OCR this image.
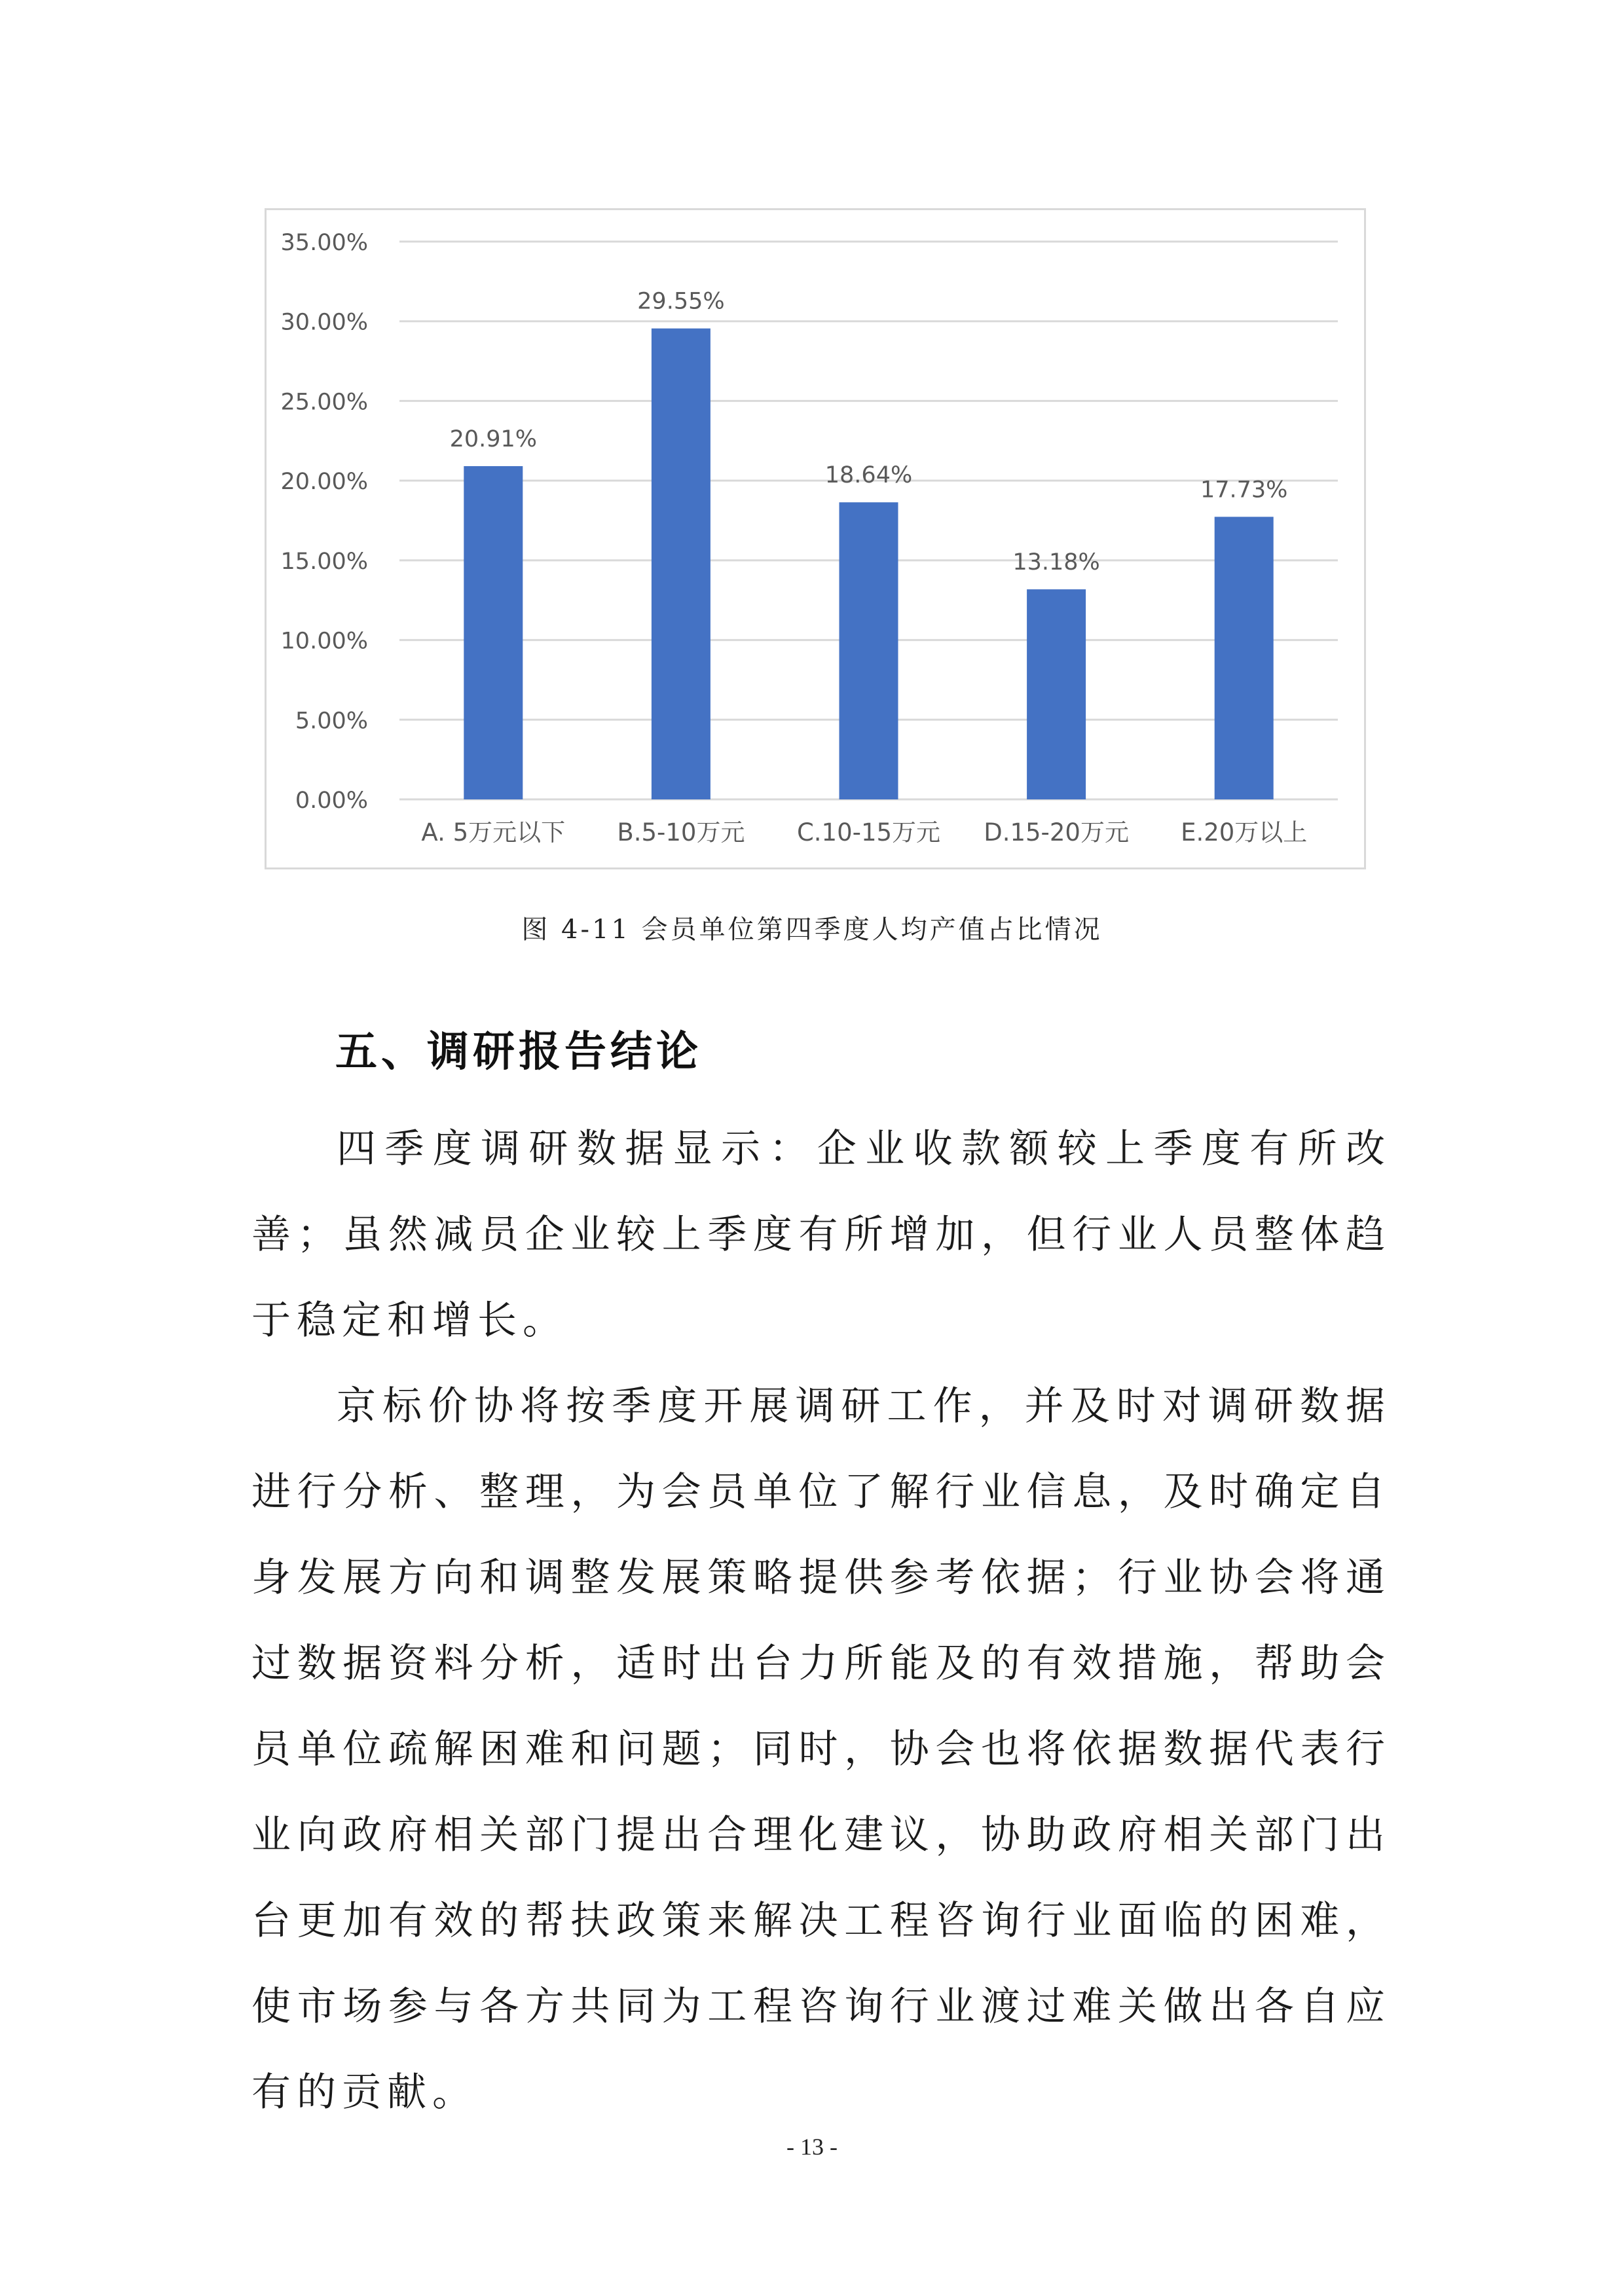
0.00%
5.00%
10.00%
15.00%
20.00%
25.00%
30.00%
35.00%
20.91%
29.55%
18.64%
13.18%
17.73%
A. 5万元以下 B.5-10万元 C.10-15万元 D.15-20万元 E.20万以上
图 4-11 会员单位第四季度人均产值占比情况
五、调研报告结论

四季度调研数据显示：企业收款额较上季度有所改善；虽然减员企业较上季度有所增加，但行业人员整体趋于稳定和增长。

京标价协将按季度开展调研工作，并及时对调研数据进行分析、整理，为会员单位了解行业信息，及时确定自身发展方向和调整发展策略提供参考依据；行业协会将通过数据资料分析，适时出台力所能及的有效措施，帮助会员单位疏解困难和问题；同时，协会也将依据数据代表行业向政府相关部门提出合理化建议，协助政府相关部门出台更加有效的帮扶政策来解决工程咨询行业面临的困难，使市场参与各方共同为工程咨询行业渡过难关做出各自应有的贡献。

- 13 -
